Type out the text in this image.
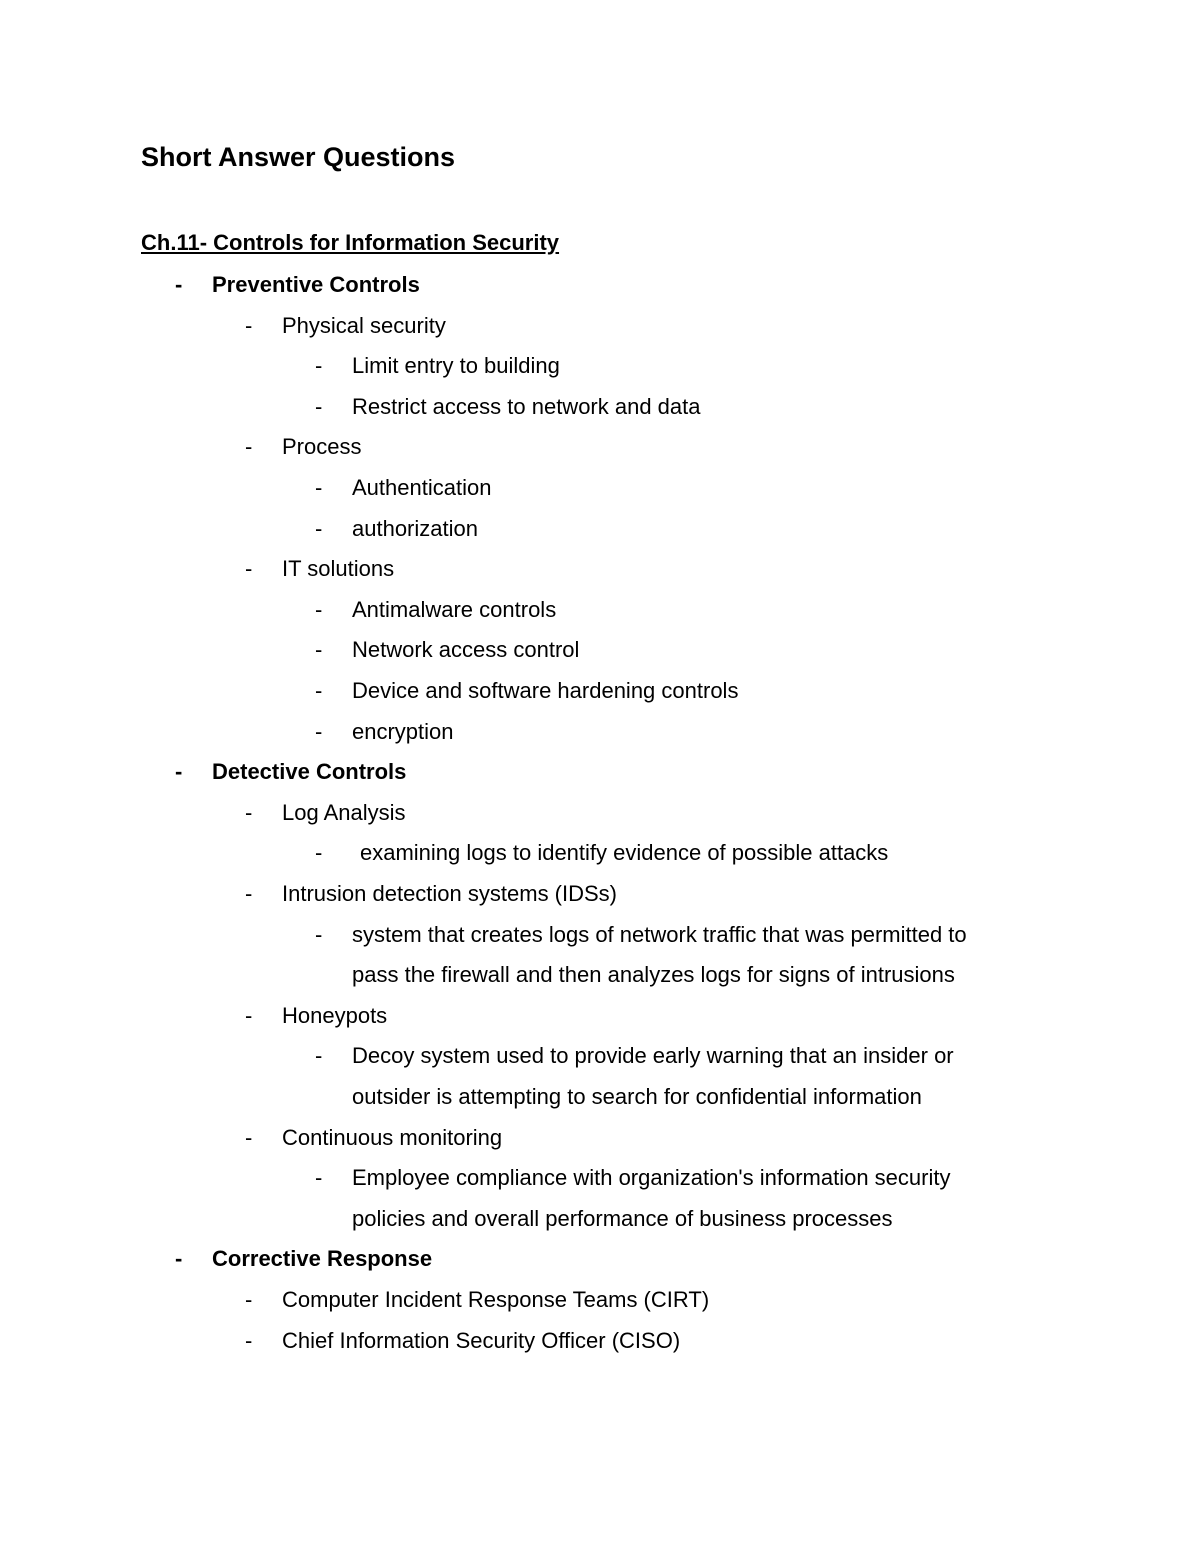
Short Answer Questions
Ch.11- Controls for Information Security
- Preventive Controls
- Physical security
- Limit entry to building
- Restrict access to network and data
- Process
- Authentication
- authorization
- IT solutions
- Antimalware controls
- Network access control
- Device and software hardening controls
- encryption
- Detective Controls
- Log Analysis
- examining logs to identify evidence of possible attacks
- Intrusion detection systems (IDSs)
- system that creates logs of network traffic that was permitted to
pass the firewall and then analyzes logs for signs of intrusions
- Honeypots
- Decoy system used to provide early warning that an insider or
outsider is attempting to search for confidential information
- Continuous monitoring
- Employee compliance with organization's information security
policies and overall performance of business processes
- Corrective Response
- Computer Incident Response Teams (CIRT)
- Chief Information Security Officer (CISO)
